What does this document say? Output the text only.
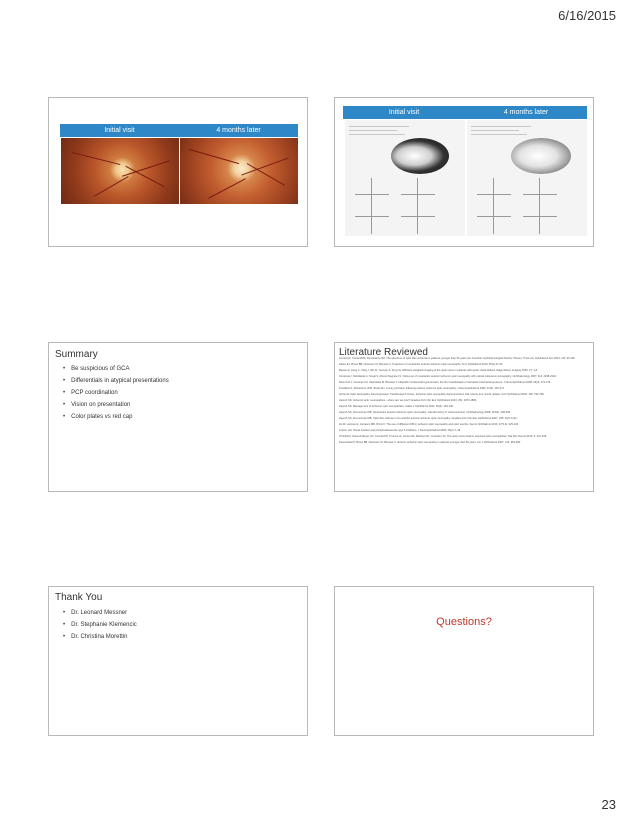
6/16/2015
Initial visit	4 months later
Initial visit	4 months later
Summary
• Be suspicious of GCA
• Differentials in atypical presentations
• PCP coordination
• Vision on presentation
• Color plates vs red cap
Literature Reviewed
Arnold AC, Costa RMS, Dumitrascu OM. The spectrum of optic disc ischemia in patients younger than 50 years (an American Ophthalmological Society Thesis). Trans Am Ophthalmol Soc 2013; 111: 93-118.
Atkins EJ, Bruce BB, Newman NJ, Biousse V. Treatment of nonarteritic anterior ischemic optic neuropathy. Surv Ophthalmol 2010; 55(1):47-63.
Bowen R, Hong C, Tang J, Wu W, Yeoman S, Zeng W. Diffusion-weighted imaging of the optic nerve in patients with acute visual deficits. Magn Reson Imaging 2009; 27: 1-8.
Contreras I, Rebolleda G, Noval S, Munoz-Negrete FJ. Follow-up of nonarteritic anterior ischemic optic neuropathy with optical coherence tomography. Ophthalmology 2007; 114: 2338-2344.
Desmond J, Newman NJ, Vaphiades M, Biousse V. Idiopathic intracranial hypertension: the first manifestation of elevated intracranial pressure. J Neuroophthalmol 2008; 26(4): 272-276.
Friedland S, Winterkorn JMS, Burde RJ. Luxury perfusion following anterior ischemic optic neuropathy. J Neuroophthalmol 1996; 16(3): 163-171.
Ischemic Optic Neuropathy Decompression Trial Research Group. Ischemic optic neuropathy decompression trial: twenty-four month update. Arch Ophthalmol 2000; 118: 793-798.
Hayreh SS. Ischemic optic neuropathies - where are we now? Graefes Arch Clin Exp Ophthalmol 2013; 251: 1873-1884.
Hayreh SS. Management of ischemic optic neuropathies. Indian J Ophthalmol 2011; 59(2): 123-136.
Hayreh SS, Zimmerman MB. Nonarteritic anterior ischemic optic neuropathy: natural history of visual outcome. Ophthalmology 2008; 115(2): 298-305.
Hayreh SS, Zimmerman MB. Optic disc edema in non-arteritic anterior ischemic optic neuropathy. Graefes Arch Clin Exp Ophthalmol 2007; 245: 1107-1121.
Ho M, Leitman E, Carrasco MB, Rizzo F. The use of diffusion MRI in ischemic optic neuropathy and optic neuritis. Semin Ophthalmol 2013; 27(5-6): 225-232.
Lubow, LM. Visual function and phosphodiesterase type 5 inhibitors. J Neuroophthalmol 2006; 26(2): 1-18.
O'Neill EC, Danesh-Meyer HV, Connell PP, Trounce IA, Coote MA, Mackey DA, Crowston JG. The optic nerve head in acquired optic neuropathies. Nat Rev Neurol 2010; 6: 221-236.
Preechawat P, Bruce BB, Newman NJ, Biousse V. Anterior ischemic optic neuropathy in patients younger than 50 years. Am J Ophthalmol 2007; 144: 953-960.
Thank You
• Dr. Leonard Messner
• Dr. Stephanie Klemencic
• Dr. Christina Morettin
Questions?
23
